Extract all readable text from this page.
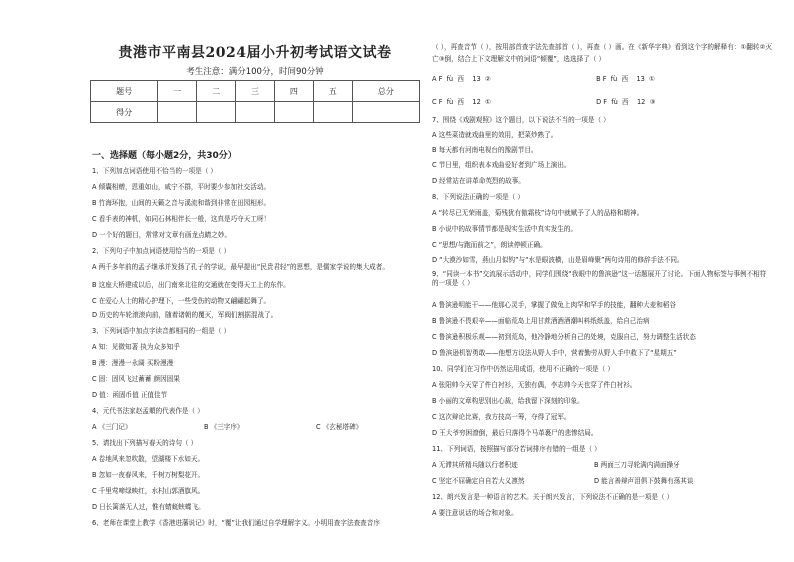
贵港市平南县2024届小升初考试语文试卷
考生注意：满分100分，时间90分钟
题号	一	二	三	四	五	总分
得分						
一、选择题（每小题2分，共30分）
1、下列加点词语使用不恰当的一项是（ ）
A 倾囊相赠，恩重如山，咸宁不群，平时要少参加社交活动。
B 竹海环抱，山间的天籁之音与溪流和谐到非常在田园相形。
C 看手表的神机，如同石林相伴长一般，这真是巧夺天工呀！
D 一个好的题目，常常对文章有画龙点睛之妙。
2、下列句子中加点词语使用恰当的一项是（ ）
A 两千多年前的孟子继承并发扬了孔子的学说，最早提出“民贵君轻”的思想，是儒家学说的集大成者。
B 这座大桥建成以后，出门南来北往的交通就在变得天工上的东作。
C 在爱心人士的精心护理下，一些受伤的动物又翩翩起舞了。
D 历史的车轮滚滚向前，随着诸朝的覆灭，军阀们割据混战了。
3、下列词语中加点字读音都相同的一组是（ ）
A 知：见微知著 执为众多知乎
B 漫：漫漫一永阔 买粉漫漫
C 固：固风飞过蓄蓄 颜因固果
D 值：函固币值 正值佳节
4、元代书法家赵孟頫的代表作是（ ）
A 《三门记》	B 《三字序》	C 《玄秘塔碑》
5、请找出下列描写春天的诗句（ ）
A 卷地风来忽吹散，望湖楼下水如天。
B 忽如一夜春风来，千树万树梨花开。
C 千里莺啼绿映红，水村山郭酒旗风。
D 日长篱落无人过，惟有蜻蜓蛱蝶飞。
6、老师在课堂上教学《香港进藩说记》时，“覆”让我们通过自学理解字义。小明用查字法查查音序
（ ），再查音节（ ），按用部首查字法先查部首（ ），再查（ ）画。在《新华字典》看到这个字的解释有：①翻转②灭亡③倒，结合上下文理解文中的词语“倾覆”，选选择了（ ）
A F fù 西 13 ②	B F fù 西 13 ①
C F fù 西 12 ①	D F fù 西 12 ③
7、围绕《戏剧观照》这个题目，以下说法不当的一项是（ ）
A 这些菜造就戏曲里的效用，把菜炒熟了。
B 每天都有河南电视台的豫剧节目。
C 节日里，组织表本戏曲爱好者到广场上演出。
D 经常站在讲革命英烈的故事。
8、下列说法正确的一项是（ ）
A “转尽已无荣雨盖，菊残犹有傲霜枝”诗句中就赋予了人的品格和精神。
B 小说中的故事情节都是现实生活中真实发生的。
C “思想/与跑而前之”，朗读停顿正确。
D “大漠沙如雪，燕山月似钩”与“水是眼波横，山是眉峰聚”两句诗用的修辞手法不同。
9、“同读一本书”交流展示活动中，同学们围绕“我眼中的鲁滨逊”这一话题展开了讨论。下面人物标签与事例不相符的一项是（ ）
A 鲁滨逊明能干——他那心灵手，掌握了做兔上肉罕和罕手的技能，翻种大麦和稻谷
B 鲁滨逊不畏艰辛——面临荒岛上用甘蔗酒酒酒潮叫料纸纸盖，给自己治病
C 鲁滨逊积极乐观——初到荒岛，他冷静地分析自己的处境，克服自己，努力调整生活状态
D 鲁滨逊机智勇敢——他想方设法从野人手中，营着勤劳从野人手中救下了“星期五”
10、同学们在习作中仍然运用成语，使用不正确的一项是（ ）
A 张阳帅今天穿了件白衬衫，无独有偶，李志帅今天也穿了件白衬衫。
B 小丽的文章构思别出心裁，给我留下深刻的印象。
C 这次辩论比赛，我方技高一筹，夺得了冠军。
D 王大爷穷困潦倒，最后只落得个马革裹尸的悲惨结局。
11、下列词语，按照描写部分若词排序有错的一组是（ ）
A 无滞其所精兵随以行者积迹	B 两面三刀寻轮满内满面操牙
C 坚定不屈确定自自若大义凛然	D 能言善辩声泪俱下鼓舞有荡其谈
12、朗兴发言是一种语言的艺术。关于朗兴发言，下列说法不正确的是一项是（ ）
A 要注意说话的场合和对象。
